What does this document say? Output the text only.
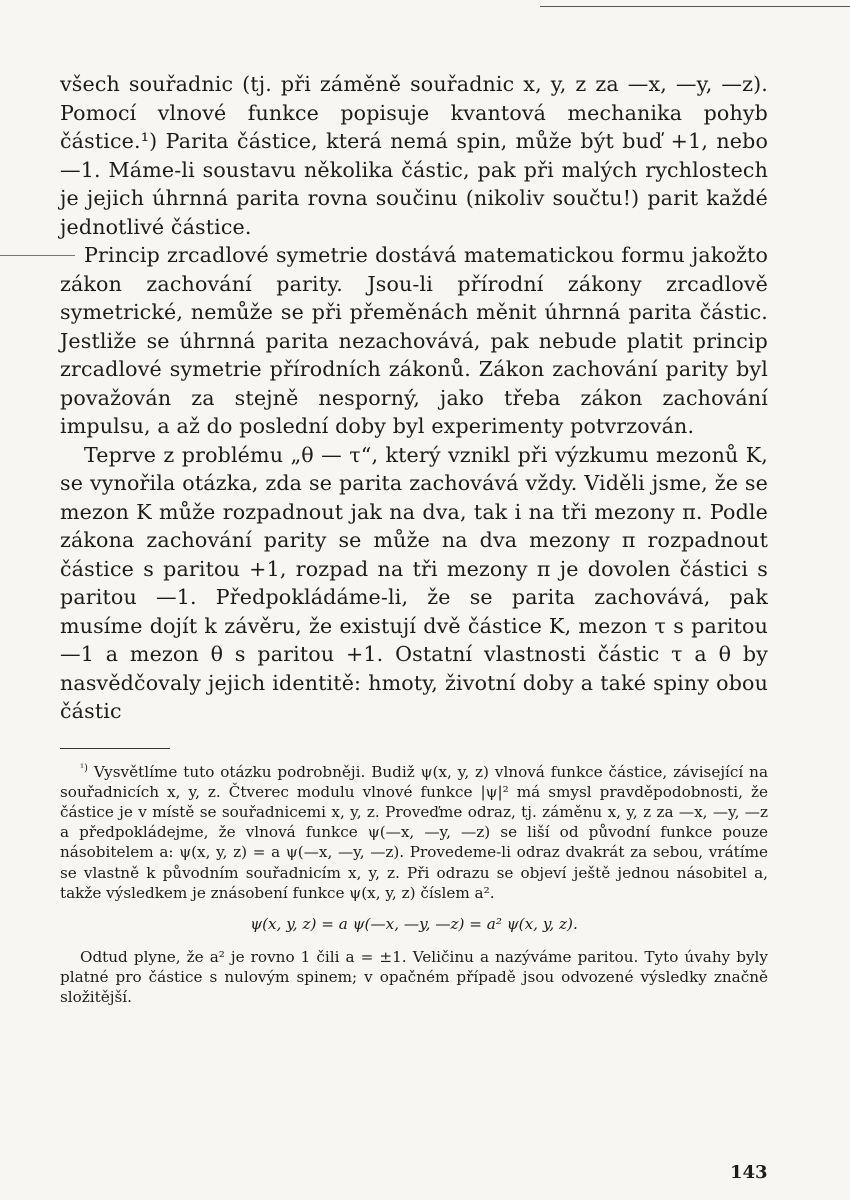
všech souřadnic (tj. při záměně souřadnic x, y, z za —x, —y, —z). Pomocí vlnové funkce popisuje kvantová mechanika pohyb částice.¹) Parita částice, která nemá spin, může být buď +1, nebo —1. Máme-li soustavu několika částic, pak při malých rychlostech je jejich úhrnná parita rovna součinu (nikoliv součtu!) parit každé jednotlivé částice.

Princip zrcadlové symetrie dostává matematickou formu jakožto zákon zachování parity. Jsou-li přírodní zákony zrcadlově symetrické, nemůže se při přeměnách měnit úhrnná parita částic. Jestliže se úhrnná parita nezachovává, pak nebude platit princip zrcadlové symetrie přírodních zákonů. Zákon zachování parity byl považován za stejně nesporný, jako třeba zákon zachování impulsu, a až do poslední doby byl experimenty potvrzován.

Teprve z problému „θ — τ“, který vznikl při výzkumu mezonů K, se vynořila otázka, zda se parita zachovává vždy. Viděli jsme, že se mezon K může rozpadnout jak na dva, tak i na tři mezony π. Podle zákona zachování parity se může na dva mezony π rozpadnout částice s paritou +1, rozpad na tři mezony π je dovolen částici s paritou —1. Předpokládáme-li, že se parita zachovává, pak musíme dojít k závěru, že existují dvě částice K, mezon τ s paritou —1 a mezon θ s paritou +1. Ostatní vlastnosti částic τ a θ by nasvědčovaly jejich identitě: hmoty, životní doby a také spiny obou částic

$^{^1)}$ Vysvětlíme tuto otázku podrobněji. Budiž ψ(x, y, z) vlnová funkce částice, závisející na souřadnicích x, y, z. Čtverec modulu vlnové funkce |ψ|² má smysl pravděpodobnosti, že částice je v místě se souřadnicemi x, y, z. Proveďme odraz, tj. záměnu x, y, z za —x, —y, —z a předpokládejme, že vlnová funkce ψ(—x, —y, —z) se liší od původní funkce pouze násobitelem a: ψ(x, y, z) = a ψ(—x, —y, —z). Provedeme-li odraz dvakrát za sebou, vrátíme se vlastně k původním souřadnicím x, y, z. Při odrazu se objeví ještě jednou násobitel a, takže výsledkem je znásobení funkce ψ(x, y, z) číslem a².

ψ(x, y, z) = a ψ(—x, —y, —z) = a² ψ(x, y, z).

Odtud plyne, že a² je rovno 1 čili a = ±1. Veličinu a nazýváme paritou. Tyto úvahy byly platné pro částice s nulovým spinem; v opačném případě jsou odvozené výsledky značně složitější.

143
